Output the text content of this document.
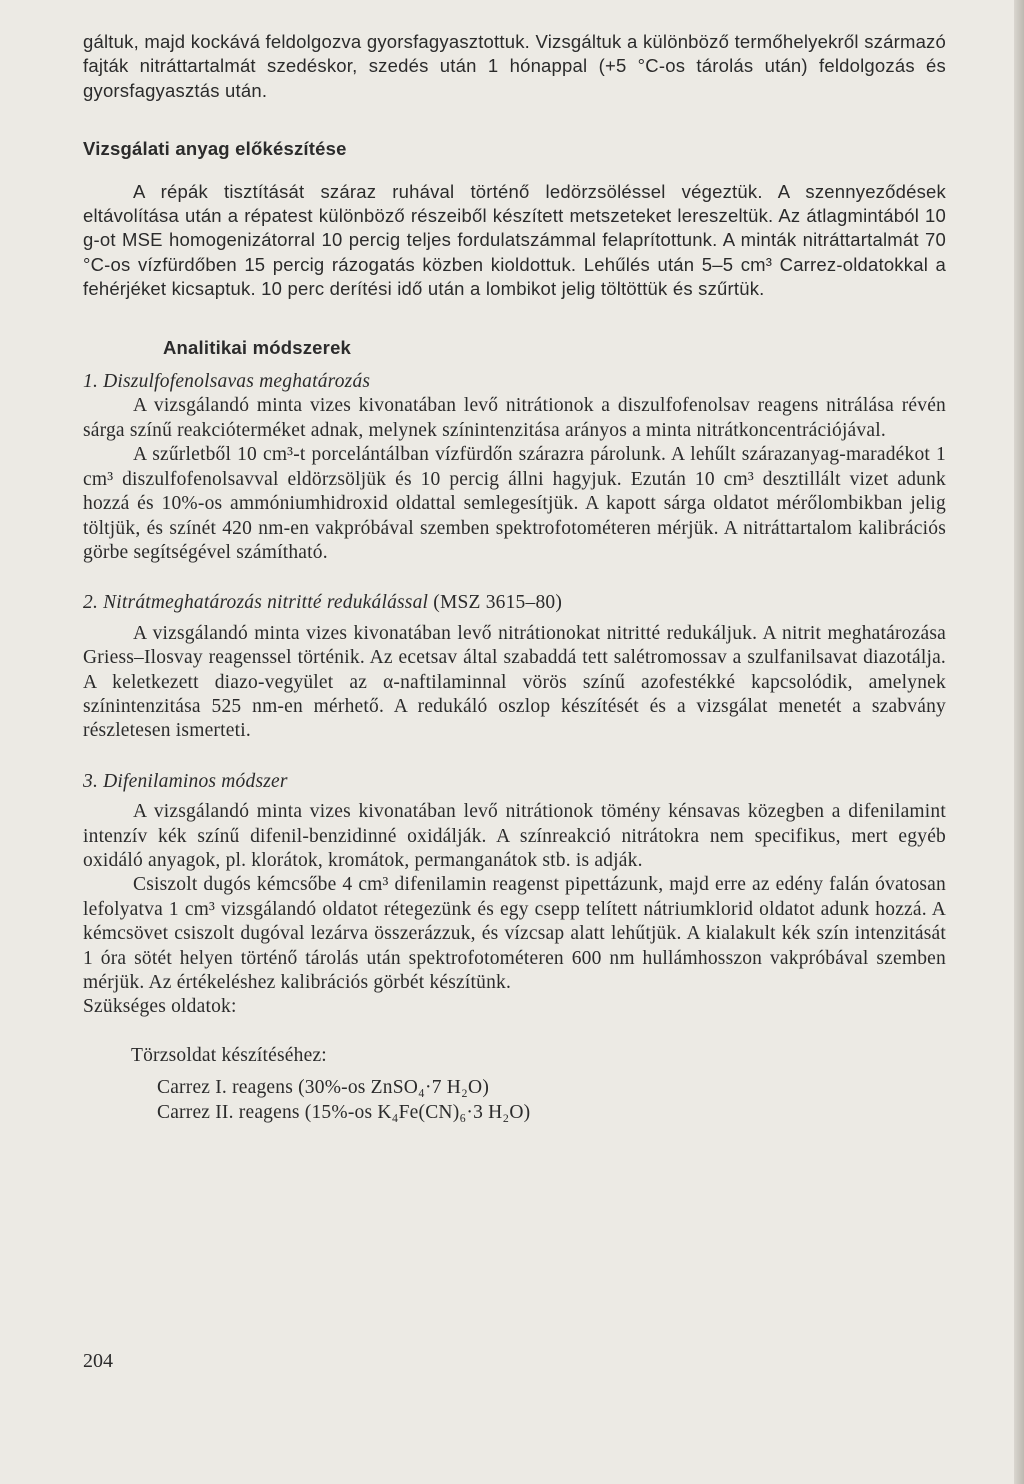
gáltuk, majd kockává feldolgozva gyorsfagyasztottuk. Vizsgáltuk a különböző termőhelyekről származó fajták nitráttartalmát szedéskor, szedés után 1 hónappal (+5 °C-os tárolás után) feldolgozás és gyorsfagyasztás után.

Vizsgálati anyag előkészítése

A répák tisztítását száraz ruhával történő ledörzsöléssel végeztük. A szennyeződések eltávolítása után a répatest különböző részeiből készített metszeteket lereszeltük. Az átlagmintából 10 g-ot MSE homogenizátorral 10 percig teljes fordulatszámmal felaprítottunk. A minták nitráttartalmát 70 °C-os vízfürdőben 15 percig rázogatás közben kioldottuk. Lehűlés után 5–5 cm³ Carrez-oldatokkal a fehérjéket kicsaptuk. 10 perc derítési idő után a lombikot jelig töltöttük és szűrtük.

Analitikai módszerek

1. Diszulfofenolsavas meghatározás

A vizsgálandó minta vizes kivonatában levő nitrátionok a diszulfofenolsav reagens nitrálása révén sárga színű reakcióterméket adnak, melynek színintenzitása arányos a minta nitrátkoncentrációjával.

A szűrletből 10 cm³-t porcelántálban vízfürdőn szárazra párolunk. A lehűlt szárazanyag-maradékot 1 cm³ diszulfofenolsavval eldörzsöljük és 10 percig állni hagyjuk. Ezután 10 cm³ desztillált vizet adunk hozzá és 10%-os ammóniumhidroxid oldattal semlegesítjük. A kapott sárga oldatot mérőlombikban jelig töltjük, és színét 420 nm-en vakpróbával szemben spektrofotométeren mérjük. A nitráttartalom kalibrációs görbe segítségével számítható.

2. Nitrátmeghatározás nitritté redukálással (MSZ 3615–80)

A vizsgálandó minta vizes kivonatában levő nitrátionokat nitritté redukáljuk. A nitrit meghatározása Griess–Ilosvay reagenssel történik. Az ecetsav által szabaddá tett salétromossav a szulfanilsavat diazotálja. A keletkezett diazo-vegyület az α-naftilaminnal vörös színű azofestékké kapcsolódik, amelynek színintenzitása 525 nm-en mérhető. A redukáló oszlop készítését és a vizsgálat menetét a szabvány részletesen ismerteti.

3. Difenilaminos módszer

A vizsgálandó minta vizes kivonatában levő nitrátionok tömény kénsavas közegben a difenilamint intenzív kék színű difenil-benzidinné oxidálják. A színreakció nitrátokra nem specifikus, mert egyéb oxidáló anyagok, pl. klorátok, kromátok, permanganátok stb. is adják.

Csiszolt dugós kémcsőbe 4 cm³ difenilamin reagenst pipettázunk, majd erre az edény falán óvatosan lefolyatva 1 cm³ vizsgálandó oldatot rétegezünk és egy csepp telített nátriumklorid oldatot adunk hozzá. A kémcsövet csiszolt dugóval lezárva összerázzuk, és vízcsap alatt lehűtjük. A kialakult kék szín intenzitását 1 óra sötét helyen történő tárolás után spektrofotométeren 600 nm hullámhosszon vakpróbával szemben mérjük. Az értékeléshez kalibrációs görbét készítünk.

Szükséges oldatok:

Törzsoldat készítéséhez:

Carrez I. reagens (30%-os ZnSO₄·7 H₂O)

Carrez II. reagens (15%-os K₄Fe(CN)₆·3 H₂O)

204
